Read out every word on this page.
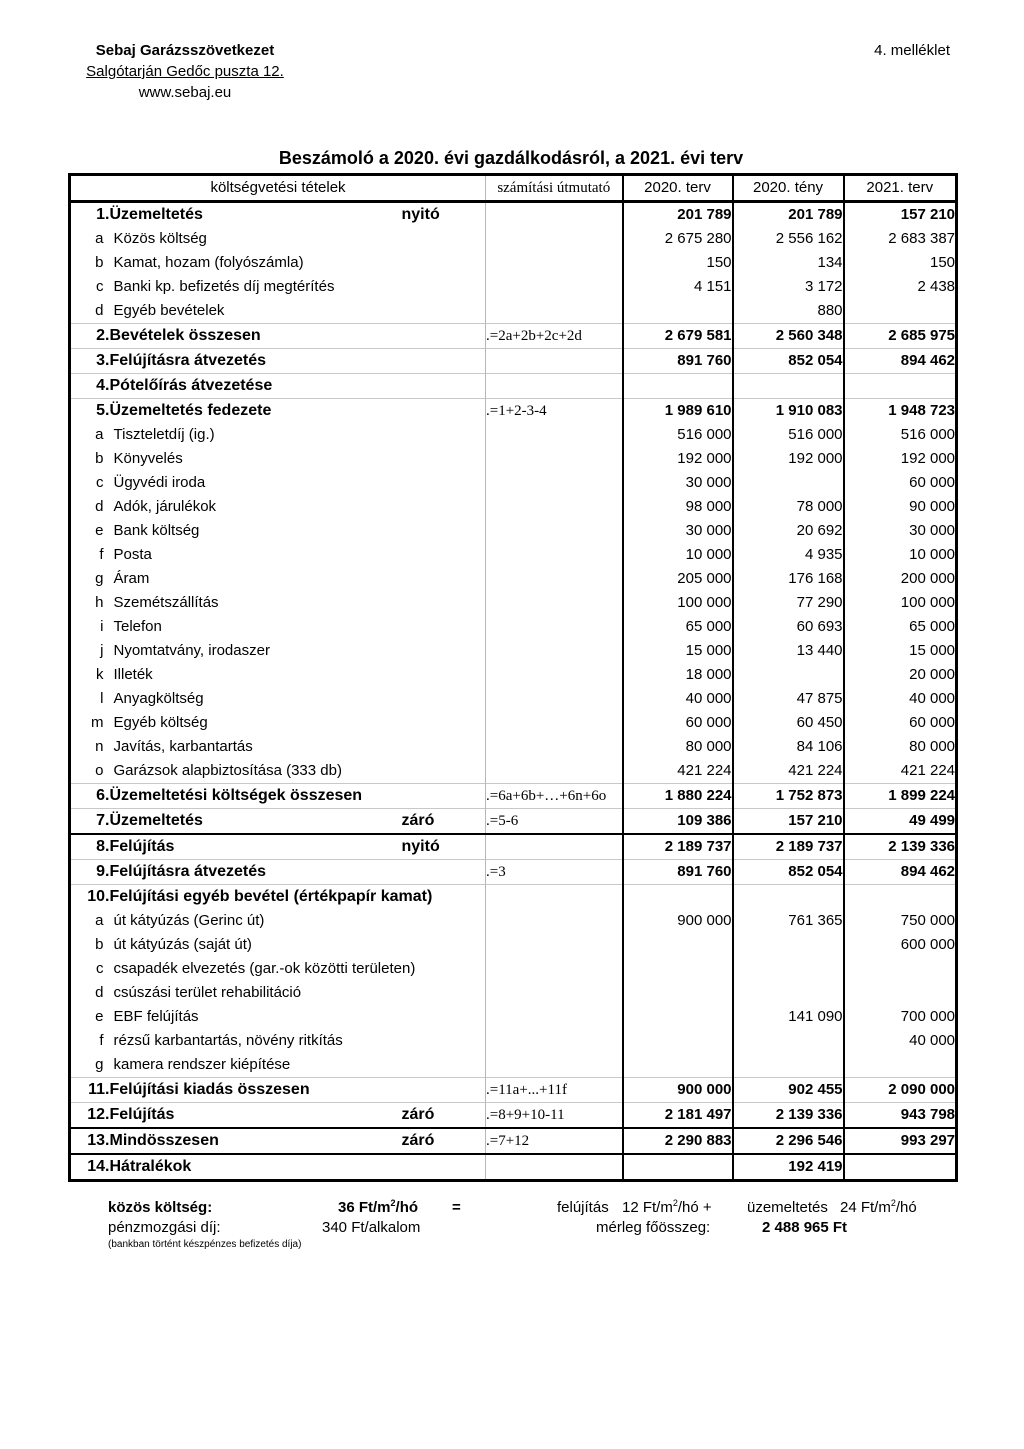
Sebaj Garázsszövetkezet
Salgótarján Gedőc puszta 12.
www.sebaj.eu
4. melléklet
Beszámoló a 2020. évi gazdálkodásról, a 2021. évi terv
költségvetési tételek		számítási útmutató	2020. terv	2020. tény	2021. terv
1.	Üzemeltetés nyitó		201 789	201 789	157 210
a	Közös költség		2 675 280	2 556 162	2 683 387
b	Kamat, hozam (folyószámla)		150	134	150
c	Banki kp. befizetés díj megtérítés		4 151	3 172	2 438
d	Egyéb bevételek			880	
2.	Bevételek összesen	.=2a+2b+2c+2d	2 679 581	2 560 348	2 685 975
3.	Felújításra átvezetés		891 760	852 054	894 462
4.	Pótelőírás átvezetése				
5.	Üzemeltetés fedezete	.=1+2-3-4	1 989 610	1 910 083	1 948 723
a	Tiszteletdíj (ig.)		516 000	516 000	516 000
b	Könyvelés		192 000	192 000	192 000
c	Ügyvédi iroda		30 000		60 000
d	Adók, járulékok		98 000	78 000	90 000
e	Bank költség		30 000	20 692	30 000
f	Posta		10 000	4 935	10 000
g	Áram		205 000	176 168	200 000
h	Szemétszállítás		100 000	77 290	100 000
i	Telefon		65 000	60 693	65 000
j	Nyomtatvány, irodaszer		15 000	13 440	15 000
k	Illeték		18 000		20 000
l	Anyagköltség		40 000	47 875	40 000
m	Egyéb költség		60 000	60 450	60 000
n	Javítás, karbantartás		80 000	84 106	80 000
o	Garázsok alapbiztosítása (333 db)		421 224	421 224	421 224
6.	Üzemeltetési költségek összesen	.=6a+6b+…+6n+6o	1 880 224	1 752 873	1 899 224
7.	Üzemeltetés záró	.=5-6	109 386	157 210	49 499
8.	Felújítás nyitó		2 189 737	2 189 737	2 139 336
9.	Felújításra átvezetés	.=3	891 760	852 054	894 462
10.	Felújítási egyéb bevétel (értékpapír kamat)				
a	út kátyúzás (Gerinc út)		900 000	761 365	750 000
b	út kátyúzás (saját út)				600 000
c	csapadék elvezetés (gar.-ok közötti területen)				
d	csúszási terület rehabilitáció				
e	EBF felújítás			141 090	700 000
f	rézsű karbantartás, növény ritkítás				40 000
g	kamera rendszer kiépítése				
11.	Felújítási kiadás összesen	.=11a+...+11f	900 000	902 455	2 090 000
12.	Felújítás záró	.=8+9+10-11	2 181 497	2 139 336	943 798
13.	Mindösszesen záró	.=7+12	2 290 883	2 296 546	993 297
14.	Hátralékok			192 419	
közös költség:	36 $Ft/m^2/hó$ =	felújítás 12 $Ft/m^2/hó$ + üzemeltetés 24 $Ft/m^2/hó$
pénzmozgási díj:	340 Ft/alkalom	mérleg főösszeg:	2 488 965 Ft
(bankban történt készpénzes befizetés díja)
